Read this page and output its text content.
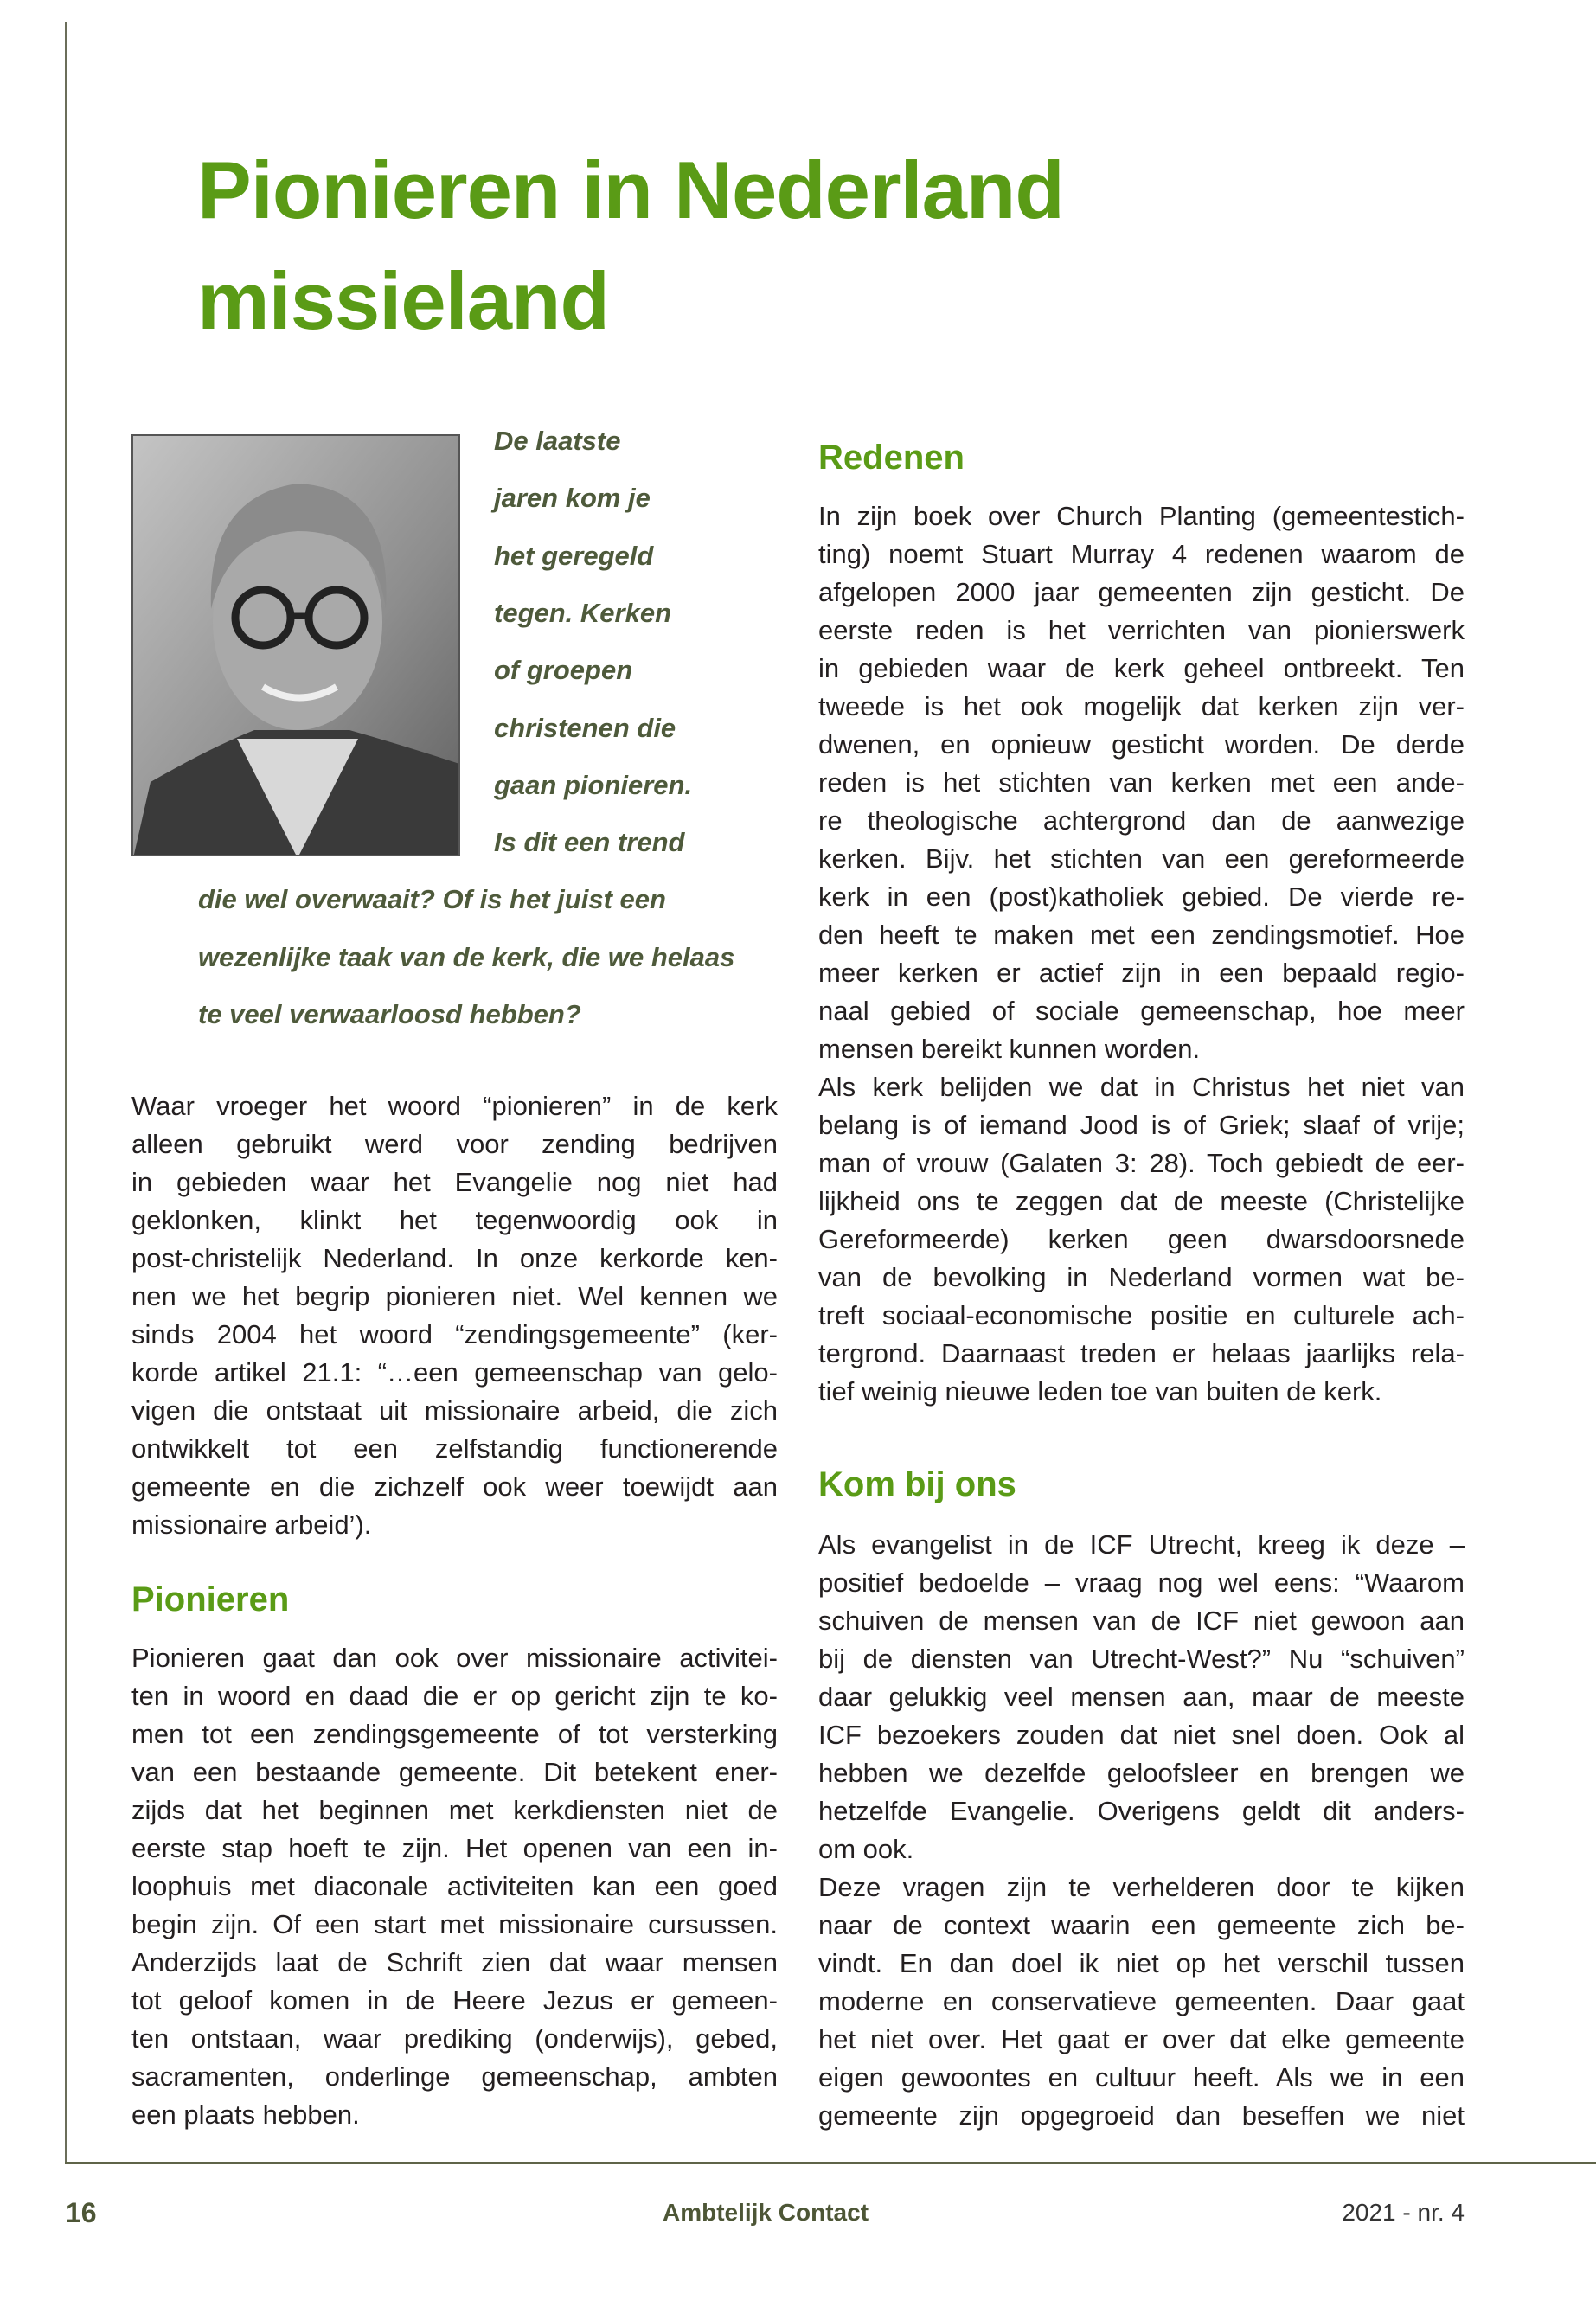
Pionieren in Nederland
missieland
De laatste
jaren kom je
het geregeld
tegen. Kerken
of groepen
christenen die
gaan pionieren.
Is dit een trend
die wel overwaait? Of is het juist een
wezenlijke taak van de kerk, die we helaas
te veel verwaarloosd hebben?
Redenen
In zijn boek over Church Planting (gemeentestich-
ting) noemt Stuart Murray 4 redenen waarom de
afgelopen 2000 jaar gemeenten zijn gesticht. De
eerste reden is het verrichten van pionierswerk
in gebieden waar de kerk geheel ontbreekt. Ten
tweede is het ook mogelijk dat kerken zijn ver-
dwenen, en opnieuw gesticht worden. De derde
reden is het stichten van kerken met een ande-
re theologische achtergrond dan de aanwezige
kerken. Bijv. het stichten van een gereformeerde
kerk in een (post)katholiek gebied. De vierde re-
den heeft te maken met een zendingsmotief. Hoe
meer kerken er actief zijn in een bepaald regio-
naal gebied of sociale gemeenschap, hoe meer
mensen bereikt kunnen worden.
Als kerk belijden we dat in Christus het niet van
belang is of iemand Jood is of Griek; slaaf of vrije;
man of vrouw (Galaten 3: 28). Toch gebiedt de eer-
lijkheid ons te zeggen dat de meeste (Christelijke
Gereformeerde) kerken geen dwarsdoorsnede
van de bevolking in Nederland vormen wat be-
treft sociaal-economische positie en culturele ach-
tergrond. Daarnaast treden er helaas jaarlijks rela-
tief weinig nieuwe leden toe van buiten de kerk.
Kom bij ons
Als evangelist in de ICF Utrecht, kreeg ik deze –
positief bedoelde – vraag nog wel eens: “Waarom
schuiven de mensen van de ICF niet gewoon aan
bij de diensten van Utrecht-West?” Nu “schuiven”
daar gelukkig veel mensen aan, maar de meeste
ICF bezoekers zouden dat niet snel doen. Ook al
hebben we dezelfde geloofsleer en brengen we
hetzelfde Evangelie. Overigens geldt dit anders-
om ook.
Deze vragen zijn te verhelderen door te kijken
naar de context waarin een gemeente zich be-
vindt. En dan doel ik niet op het verschil tussen
moderne en conservatieve gemeenten. Daar gaat
het niet over. Het gaat er over dat elke gemeente
eigen gewoontes en cultuur heeft. Als we in een
gemeente zijn opgegroeid dan beseffen we niet
Waar vroeger het woord “pionieren” in de kerk
alleen gebruikt werd voor zending bedrijven
in gebieden waar het Evangelie nog niet had
geklonken, klinkt het tegenwoordig ook in
post-christelijk Nederland. In onze kerkorde ken-
nen we het begrip pionieren niet. Wel kennen we
sinds 2004 het woord “zendingsgemeente” (ker-
korde artikel 21.1: “…een gemeenschap van gelo-
vigen die ontstaat uit missionaire arbeid, die zich
ontwikkelt tot een zelfstandig functionerende
gemeente en die zichzelf ook weer toewijdt aan
missionaire arbeid’).
Pionieren
Pionieren gaat dan ook over missionaire activitei-
ten in woord en daad die er op gericht zijn te ko-
men tot een zendingsgemeente of tot versterking
van een bestaande gemeente. Dit betekent ener-
zijds dat het beginnen met kerkdiensten niet de
eerste stap hoeft te zijn. Het openen van een in-
loophuis met diaconale activiteiten kan een goed
begin zijn. Of een start met missionaire cursussen.
Anderzijds laat de Schrift zien dat waar mensen
tot geloof komen in de Heere Jezus er gemeen-
ten ontstaan, waar prediking (onderwijs), gebed,
sacramenten, onderlinge gemeenschap, ambten
een plaats hebben.
16	Ambtelijk Contact	2021 - nr. 4
